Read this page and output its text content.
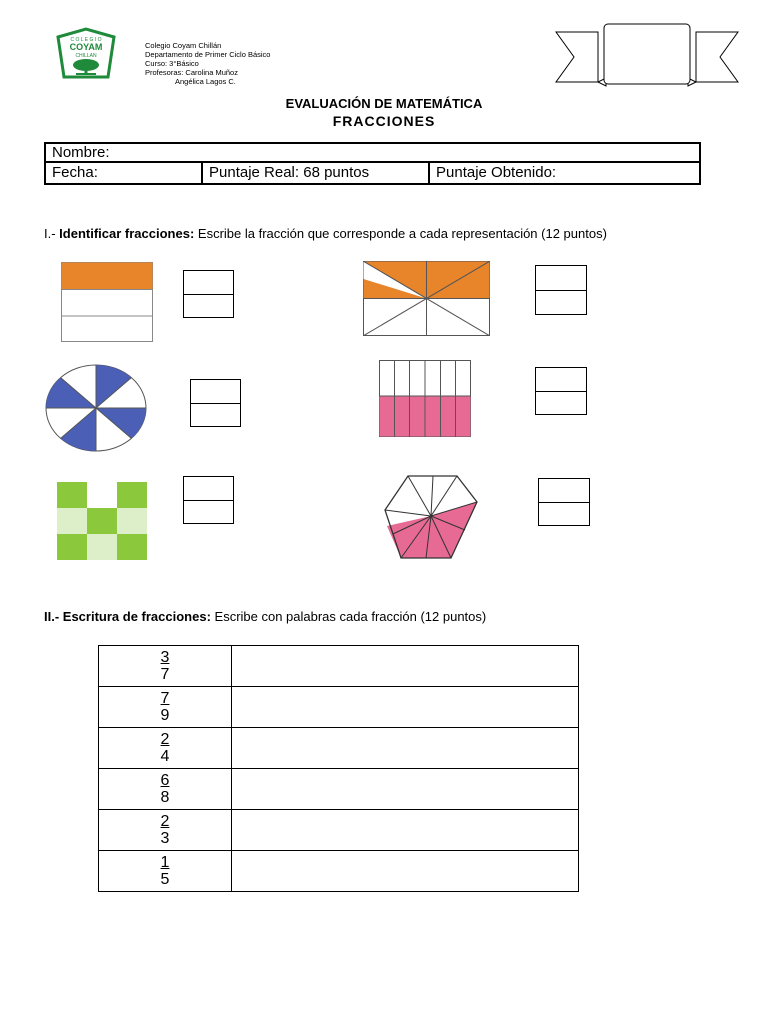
C O L E G I O
COYAM
CHILLAN
Colegio Coyam Chillán
Departamento de Primer Ciclo Básico
Curso: 3°Básico
Profesoras: Carolina Muñoz
Angélica Lagos C.
EVALUACIÓN DE MATEMÁTICA
FRACCIONES
Nombre:
Fecha:	Puntaje Real: 68 puntos	Puntaje Obtenido:
I.- Identificar fracciones: Escribe la fracción que corresponde a cada representación (12 puntos)
II.- Escritura de fracciones: Escribe con palabras cada fracción (12 puntos)
3
7	

7
9	

2
4	

6
8	

2
3	

1
5	
